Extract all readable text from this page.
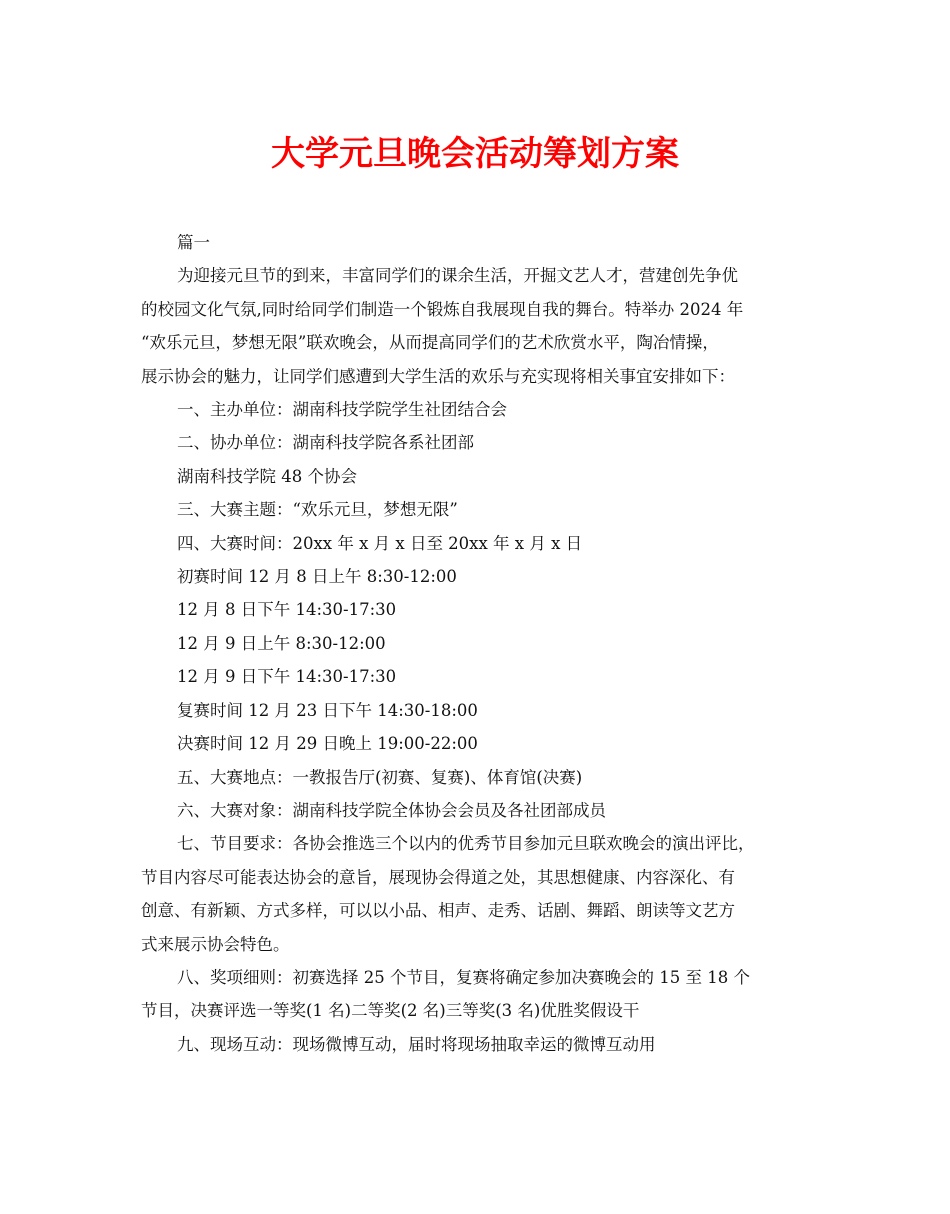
大学元旦晚会活动筹划方案

篇一

为迎接元旦节的到来，丰富同学们的课余生活，开掘文艺人才，营建创先争优

的校园文化气氛,同时给同学们制造一个锻炼自我展现自我的舞台。特举办 2024 年

“欢乐元旦，梦想无限”联欢晚会，从而提高同学们的艺术欣赏水平，陶冶情操，

展示协会的魅力，让同学们感遭到大学生活的欢乐与充实现将相关事宜安排如下：

一、主办单位：湖南科技学院学生社团结合会

二、协办单位：湖南科技学院各系社团部

湖南科技学院 48 个协会

三、大赛主题：“欢乐元旦，梦想无限”

四、大赛时间：20xx 年 x 月 x 日至 20xx 年 x 月 x 日

初赛时间 12 月 8 日上午 8:30-12:00

12 月 8 日下午 14:30-17:30

12 月 9 日上午 8:30-12:00

12 月 9 日下午 14:30-17:30

复赛时间 12 月 23 日下午 14:30-18:00

决赛时间 12 月 29 日晚上 19:00-22:00

五、大赛地点：一教报告厅(初赛、复赛)、体育馆(决赛)

六、大赛对象：湖南科技学院全体协会会员及各社团部成员

七、节目要求：各协会推选三个以内的优秀节目参加元旦联欢晚会的演出评比，

节目内容尽可能表达协会的意旨，展现协会得道之处，其思想健康、内容深化、有

创意、有新颖、方式多样，可以以小品、相声、走秀、话剧、舞蹈、朗读等文艺方

式来展示协会特色。

八、奖项细则：初赛选择 25 个节目，复赛将确定参加决赛晚会的 15 至 18 个

节目，决赛评选一等奖(1 名)二等奖(2 名)三等奖(3 名)优胜奖假设干

九、现场互动：现场微博互动，届时将现场抽取幸运的微博互动用
